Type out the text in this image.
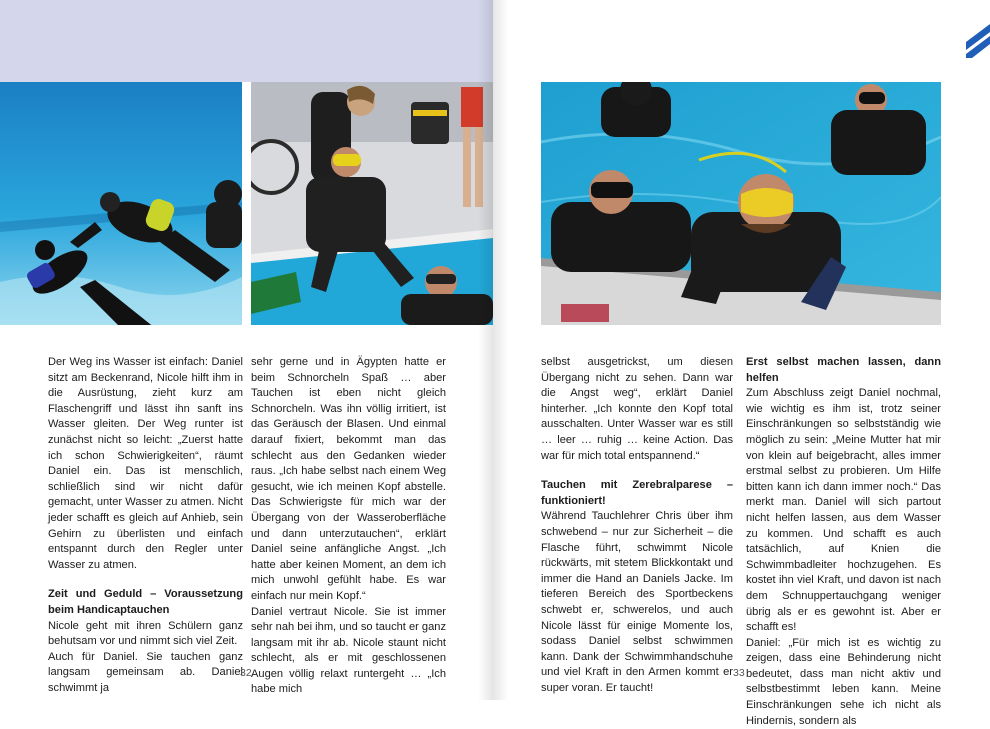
Der Weg ins Wasser ist einfach: Daniel sitzt am Beckenrand, Nicole hilft ihm in die Ausrüstung, zieht kurz am Flaschengriff und lässt ihn sanft ins Wasser gleiten. Der Weg runter ist zunächst nicht so leicht: „Zuerst hatte ich schon Schwierigkeiten“, räumt Daniel ein. Das ist menschlich, schließlich sind wir nicht dafür gemacht, unter Wasser zu atmen. Nicht jeder schafft es gleich auf Anhieb, sein Gehirn zu überlisten und einfach entspannt durch den Regler unter Wasser zu atmen.

Zeit und Geduld – Voraussetzung beim Handicaptauchen

Nicole geht mit ihren Schülern ganz behutsam vor und nimmt sich viel Zeit.

Auch für Daniel. Sie tauchen ganz langsam gemeinsam ab. Daniel schwimmt ja

sehr gerne und in Ägypten hatte er beim Schnorcheln Spaß … aber Tauchen ist eben nicht gleich Schnorcheln. Was ihn völlig irritiert, ist das Geräusch der Blasen. Und einmal darauf fixiert, bekommt man das schlecht aus den Gedanken wieder raus. „Ich habe selbst nach einem Weg gesucht, wie ich meinen Kopf abstelle. Das Schwierigste für mich war der Übergang von der Wasseroberfläche und dann unterzutauchen“, erklärt Daniel seine anfängliche Angst. „Ich hatte aber keinen Moment, an dem ich mich unwohl gefühlt habe. Es war einfach nur mein Kopf.“

Daniel vertraut Nicole. Sie ist immer sehr nah bei ihm, und so taucht er ganz langsam mit ihr ab. Nicole staunt nicht schlecht, als er mit geschlossenen Augen völlig relaxt runtergeht … „Ich habe mich

32

selbst ausgetrickst, um diesen Übergang nicht zu sehen. Dann war die Angst weg“, erklärt Daniel hinterher. „Ich konnte den Kopf total ausschalten. Unter Wasser war es still … leer … ruhig … keine Action. Das war für mich total entspannend.“

Tauchen mit Zerebralparese – funktioniert!

Während Tauchlehrer Chris über ihm schwebend – nur zur Sicherheit – die Flasche führt, schwimmt Nicole rückwärts, mit stetem Blickkontakt und immer die Hand an Daniels Jacke. Im tieferen Bereich des Sportbeckens schwebt er, schwerelos, und auch Nicole lässt für einige Momente los, sodass Daniel selbst schwimmen kann. Dank der Schwimmhandschuhe und viel Kraft in den Armen kommt er super voran. Er taucht!

Erst selbst machen lassen, dann helfen

Zum Abschluss zeigt Daniel nochmal, wie wichtig es ihm ist, trotz seiner Einschränkungen so selbstständig wie möglich zu sein: „Meine Mutter hat mir von klein auf beigebracht, alles immer erstmal selbst zu probieren. Um Hilfe bitten kann ich dann immer noch.“ Das merkt man. Daniel will sich partout nicht helfen lassen, aus dem Wasser zu kommen. Und schafft es auch tatsächlich, auf Knien die Schwimmbadleiter hochzugehen. Es kostet ihn viel Kraft, und davon ist nach dem Schnuppertauchgang weniger übrig als er es gewohnt ist. Aber er schafft es!

Daniel: „Für mich ist es wichtig zu zeigen, dass eine Behinderung nicht bedeutet, dass man nicht aktiv und selbstbestimmt leben kann. Meine Einschränkungen sehe ich nicht als Hindernis, sondern als

33
